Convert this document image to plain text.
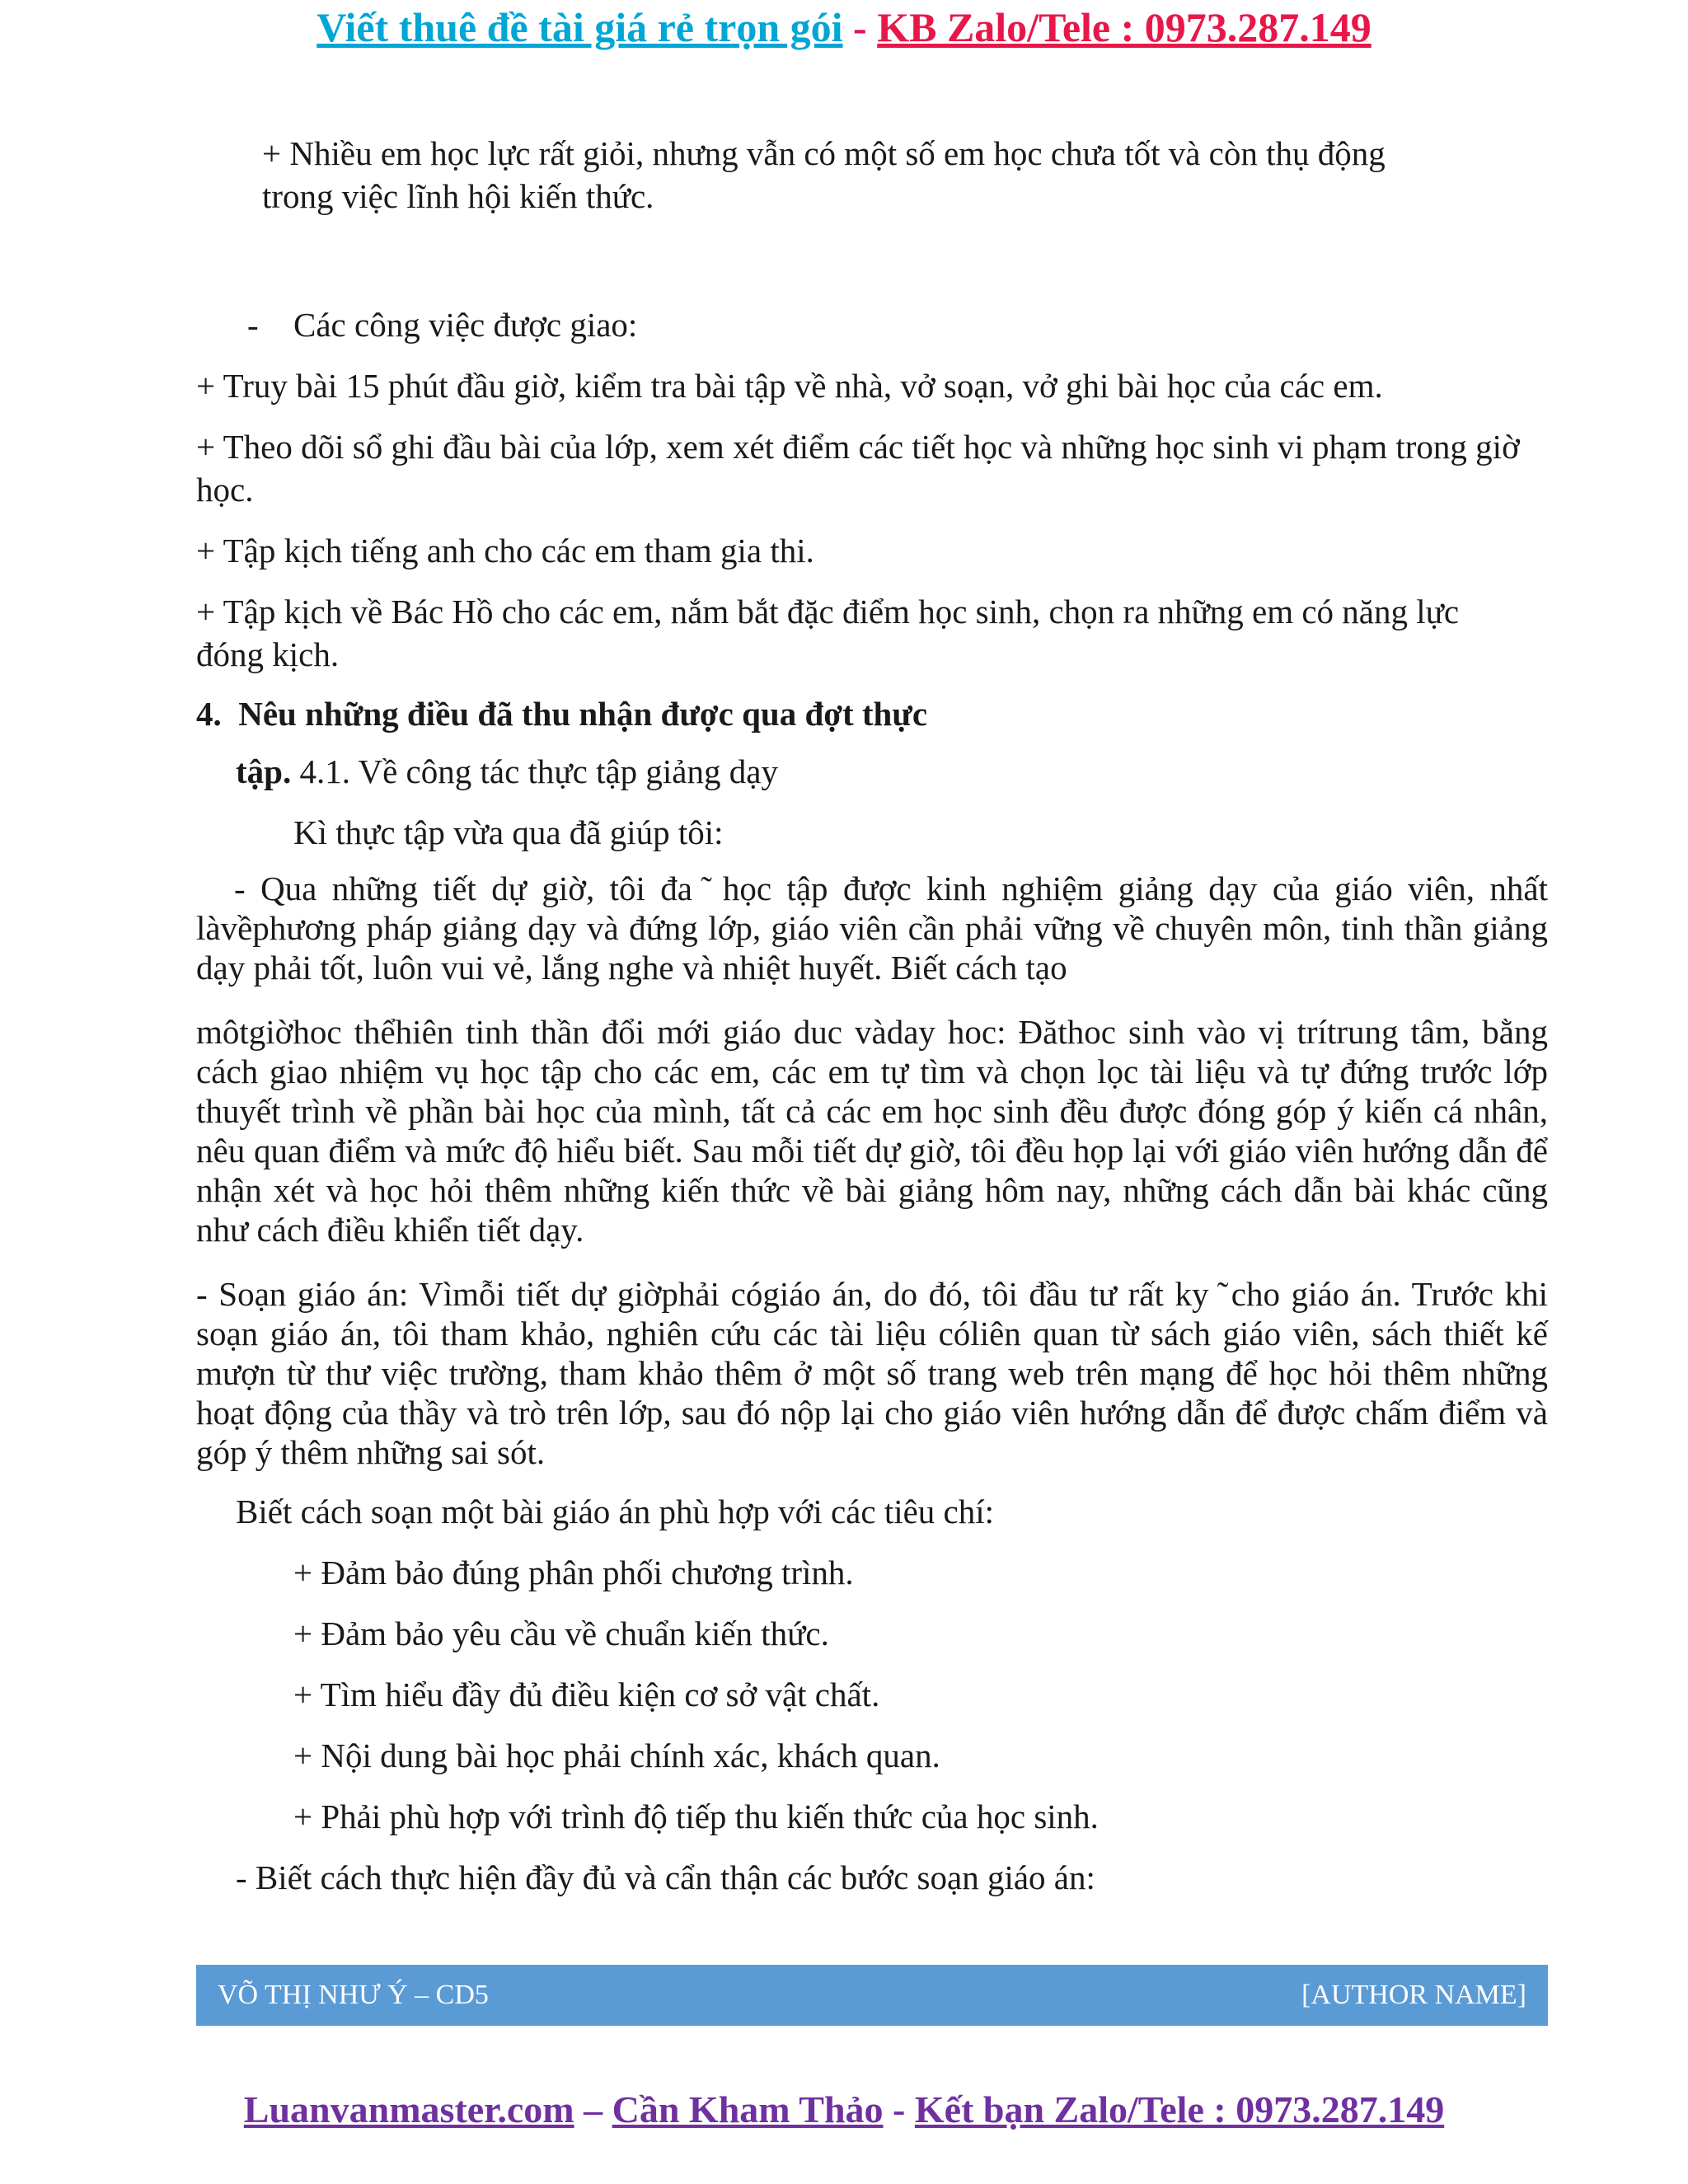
Viết thuê đề tài giá rẻ trọn gói - KB Zalo/Tele : 0973.287.149

+ Nhiều em học lực rất giỏi, nhưng vẫn có một số em học chưa tốt và còn thụ động trong việc lĩnh hội kiến thức.

- Các công việc được giao:

+ Truy bài 15 phút đầu giờ, kiểm tra bài tập về nhà, vở soạn, vở ghi bài học của các em.

+ Theo dõi sổ ghi đầu bài của lớp, xem xét điểm các tiết học và những học sinh vi phạm trong giờ học.

+ Tập kịch tiếng anh cho các em tham gia thi.

+ Tập kịch về Bác Hồ cho các em, nắm bắt đặc điểm học sinh, chọn ra những em có năng lực đóng kịch.

4.  Nêu những điều đã thu nhận được qua đợt thực

tập. 4.1. Về công tác thực tập giảng dạy

Kì thực tập vừa qua đã giúp tôi:

- Qua những tiết dự giờ, tôi đa ̃ học tập được kinh nghiệm giảng dạy của giáo viên, nhất làvềphương pháp giảng dạy và đứng lớp, giáo viên cần phải vững về chuyên môn, tinh thần giảng dạy phải tốt, luôn vui vẻ, lắng nghe và nhiệt huyết. Biết cách tạo

môtgiờhoc thểhiên tinh thần đổi mới giáo duc vàday hoc: Đăthoc sinh vào vị trítrung tâm, bằng cách giao nhiệm vụ học tập cho các em, các em tự tìm và chọn lọc tài liệu và tự đứng trước lớp thuyết trình về phần bài học của mình, tất cả các em học sinh đều được đóng góp ý kiến cá nhân, nêu quan điểm và mức độ hiểu biết. Sau mỗi tiết dự giờ, tôi đều họp lại với giáo viên hướng dẫn để nhận xét và học hỏi thêm những kiến thức về bài giảng hôm nay, những cách dẫn bài khác cũng như cách điều khiển tiết dạy.

- Soạn giáo án: Vìmỗi tiết dự giờphải cógiáo án, do đó, tôi đầu tư rất ky ̃ cho giáo án. Trước khi soạn giáo án, tôi tham khảo, nghiên cứu các tài liệu cóliên quan từ sách giáo viên, sách thiết kế mượn từ thư việc trường, tham khảo thêm ở một số trang web trên mạng để học hỏi thêm những hoạt động của thầy và trò trên lớp, sau đó nộp lại cho giáo viên hướng dẫn để được chấm điểm và góp ý thêm những sai sót.

Biết cách soạn một bài giáo án phù hợp với các tiêu chí:

+ Đảm bảo đúng phân phối chương trình.

+ Đảm bảo yêu cầu về chuẩn kiến thức.

+ Tìm hiểu đầy đủ điều kiện cơ sở vật chất.

+ Nội dung bài học phải chính xác, khách quan.

+ Phải phù hợp với trình độ tiếp thu kiến thức của học sinh.

- Biết cách thực hiện đầy đủ và cẩn thận các bước soạn giáo án:

VÕ THỊ NHƯ Ý – CD5	[AUTHOR NAME]
Luanvanmaster.com – Cần Kham Thảo - Kết bạn Zalo/Tele : 0973.287.149
